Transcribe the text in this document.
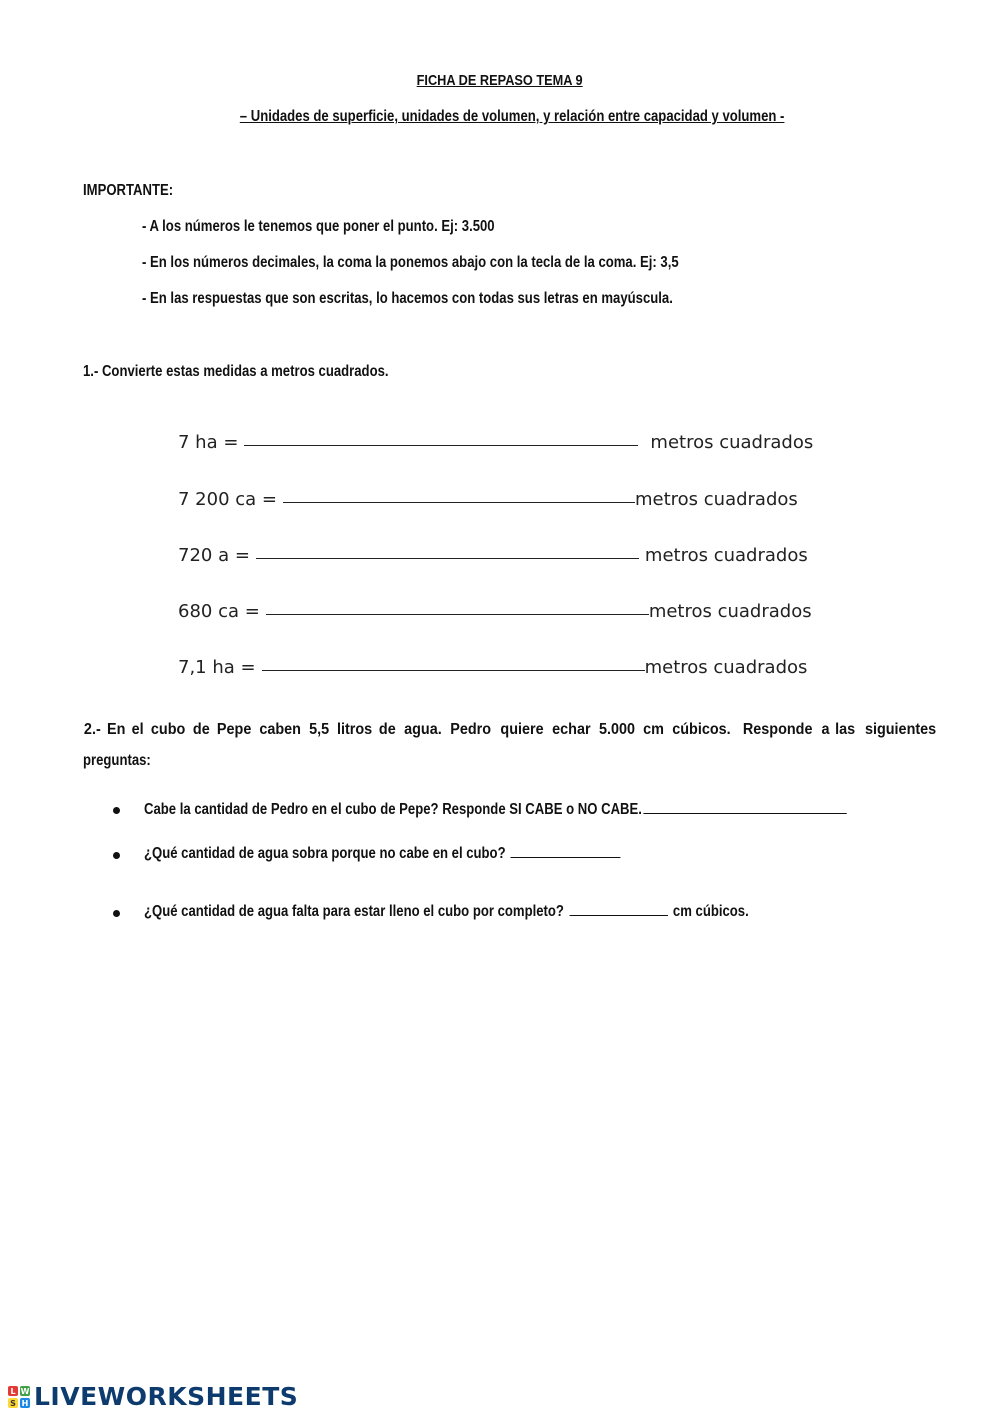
FICHA DE REPASO TEMA 9
– Unidades de superficie, unidades de volumen, y relación entre capacidad y volumen -
IMPORTANTE:
- A los números le tenemos que poner el punto. Ej: 3.500
- En los números decimales, la coma la ponemos abajo con la tecla de la coma. Ej: 3,5
- En las respuestas que son escritas, lo hacemos con todas sus letras en mayúscula.
1.- Convierte estas medidas a metros cuadrados.
7 ha =	metros cuadrados
7 200 ca =	metros cuadrados
720 a =	metros cuadrados
680 ca =	metros cuadrados
7,1 ha =	metros cuadrados
2.- En el cubo de Pepe caben 5,5 litros de agua. Pedro quiere echar 5.000 cm cúbicos. Responde a las siguientes
preguntas:
Cabe la cantidad de Pedro en el cubo de Pepe? Responde SI CABE o NO CABE.
¿Qué cantidad de agua sobra porque no cabe en el cubo?
¿Qué cantidad de agua falta para estar lleno el cubo por completo?	cm cúbicos.
L W
S H LIVEWORKSHEETS
